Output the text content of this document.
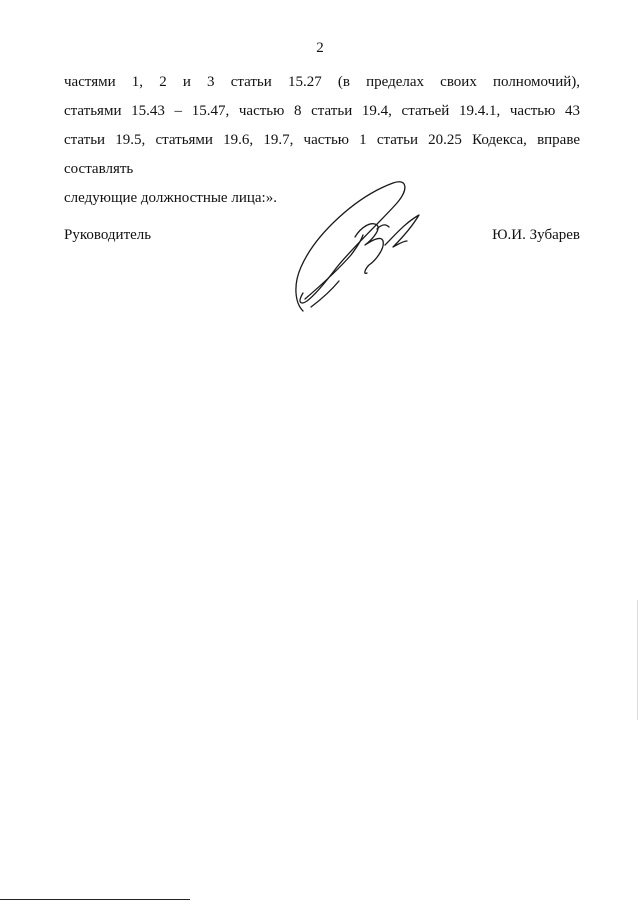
2
частями 1, 2 и 3 статьи 15.27 (в пределах своих полномочий),
статьями 15.43 – 15.47, частью 8 статьи 19.4, статьей 19.4.1, частью 43
статьи 19.5, статьями 19.6, 19.7, частью 1 статьи 20.25 Кодекса, вправе составлять
следующие должностные лица:».
Руководитель	Ю.И. Зубарев
